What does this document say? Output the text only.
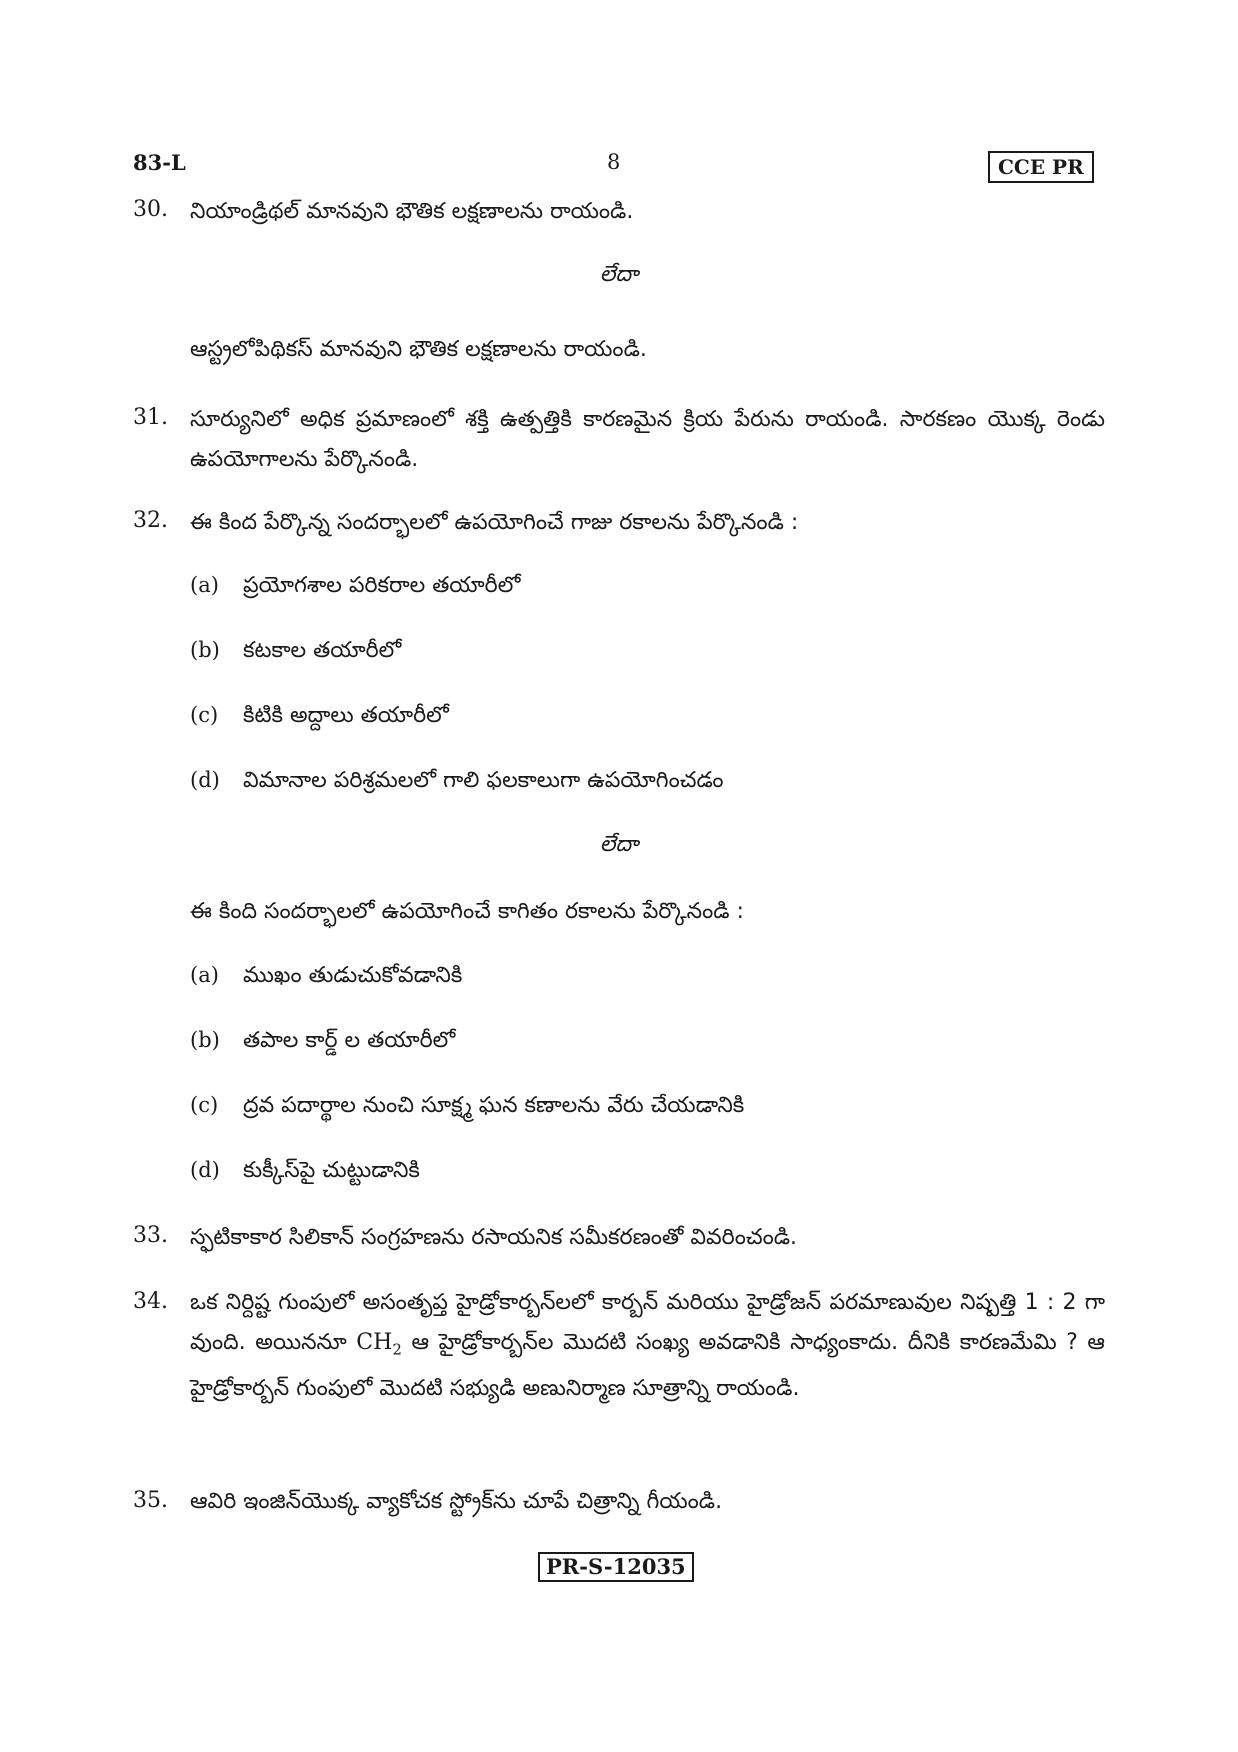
83-L	8	CCE PR
30.	నియాండ్రిథల్ మానవుని భౌతిక లక్షణాలను రాయండి.
లేదా
ఆస్ట్రలోపిథికస్ మానవుని భౌతిక లక్షణాలను రాయండి.
31.	సూర్యునిలో అధిక ప్రమాణంలో శక్తి ఉత్పత్తికి కారణమైన క్రియ పేరును రాయండి. సారకణం యొక్క రెండు ఉపయోగాలను పేర్కొనండి.
32.	ఈ కింద పేర్కొన్న సందర్భాలలో ఉపయోగించే గాజు రకాలను పేర్కొనండి :
(a) ప్రయోగశాల పరికరాల తయారీలో
(b) కటకాల తయారీలో
(c) కిటికి అద్దాలు తయారీలో
(d) విమానాల పరిశ్రమలలో గాలి ఫలకాలుగా ఉపయోగించడం
లేదా
ఈ కింది సందర్భాలలో ఉపయోగించే కాగితం రకాలను పేర్కొనండి :
(a) ముఖం తుడుచుకోవడానికి
(b) తపాల కార్డ్ ల తయారీలో
(c) ద్రవ పదార్థాల నుంచి సూక్ష్మ ఘన కణాలను వేరు చేయడానికి
(d) కుక్కీస్‌పై చుట్టుడానికి
33.	స్ఫటికాకార సిలికాన్ సంగ్రహణను రసాయనిక సమీకరణంతో వివరించండి.
34.	ఒక నిర్దిష్ట గుంపులో అసంతృప్త హైడ్రోకార్బన్‌లలో కార్బన్ మరియు హైడ్రోజన్ పరమాణువుల నిష్పత్తి 1 : 2 గా వుంది. అయిననూ $CH_2$ ఆ హైడ్రోకార్బన్‌ల మొదటి సంఖ్య అవడానికి సాధ్యంకాదు. దీనికి కారణమేమి ? ఆ హైడ్రోకార్బన్ గుంపులో మొదటి సభ్యుడి అణునిర్మాణ సూత్రాన్ని రాయండి.
35.	ఆవిరి ఇంజిన్‌యొక్క వ్యాకోచక స్ట్రోక్‌ను చూపే చిత్రాన్ని గీయండి.
PR-S-12035
